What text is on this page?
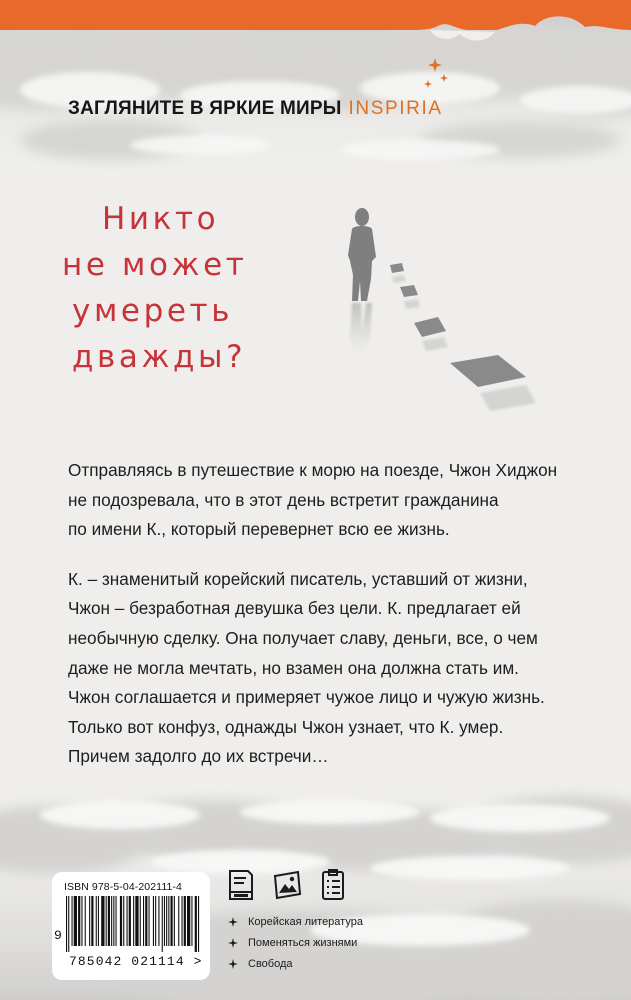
ЗАГЛЯНИТЕ В ЯРКИЕ МИРЫ INSPIRIA
Никто
не может
умереть
дважды?

Отправляясь в путешествие к морю на поезде, Чжон Хиджон
не подозревала, что в этот день встретит гражданина
по имени К., который перевернет всю ее жизнь.

К. – знаменитый корейский писатель, уставший от жизни,
Чжон – безработная девушка без цели. К. предлагает ей
необычную сделку. Она получает славу, деньги, все, о чем
даже не могла мечтать, но взамен она должна стать им.
Чжон соглашается и примеряет чужое лицо и чужую жизнь.
Только вот конфуз, однажды Чжон узнает, что К. умер.
Причем задолго до их встречи…

ISBN 978-5-04-202111-4
9
785042 021114 >
Корейская литература
Поменяться жизнями
Свобода
